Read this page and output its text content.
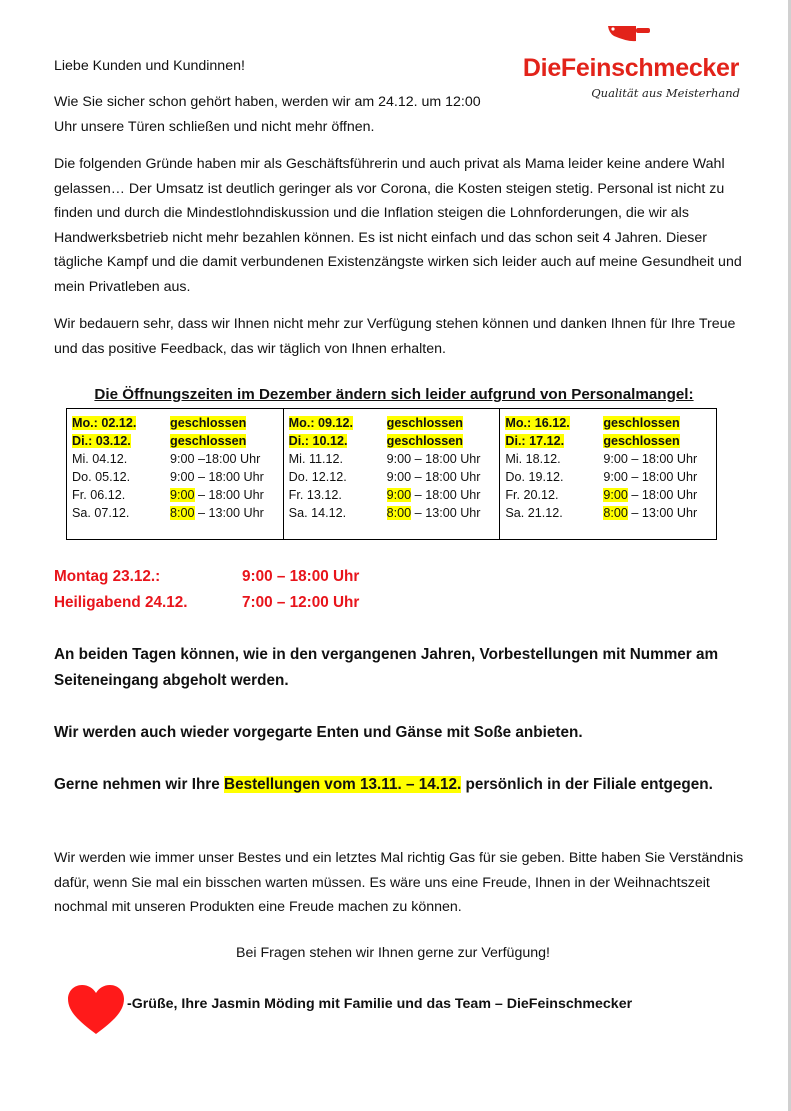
DieFeinschmecker
Qualität aus Meisterhand
Liebe Kunden und Kundinnen!
Wie Sie sicher schon gehört haben, werden wir am 24.12. um 12:00 Uhr unsere Türen schließen und nicht mehr öffnen.
Die folgenden Gründe haben mir als Geschäftsführerin und auch privat als Mama leider keine andere Wahl gelassen… Der Umsatz ist deutlich geringer als vor Corona, die Kosten steigen stetig. Personal ist nicht zu finden und durch die Mindestlohndiskussion und die Inflation steigen die Lohnforderungen, die wir als Handwerksbetrieb nicht mehr bezahlen können. Es ist nicht einfach und das schon seit 4 Jahren. Dieser tägliche Kampf und die damit verbundenen Existenzängste wirken sich leider auch auf meine Gesundheit und mein Privatleben aus.
Wir bedauern sehr, dass wir Ihnen nicht mehr zur Verfügung stehen können und danken Ihnen für Ihre Treue und das positive Feedback, das wir täglich von Ihnen erhalten.
Die Öffnungszeiten im Dezember ändern sich leider aufgrund von Personalmangel:
Mo.: 02.12.	geschlossen
Di.: 03.12.	geschlossen
Mi. 04.12.	9:00 –18:00 Uhr
Do. 05.12.	9:00 – 18:00 Uhr
Fr. 06.12.	9:00 – 18:00 Uhr
Sa. 07.12.	8:00 – 13:00 Uhr
Mo.: 09.12.	geschlossen
Di.: 10.12.	geschlossen
Mi. 11.12.	9:00 – 18:00 Uhr
Do. 12.12.	9:00 – 18:00 Uhr
Fr. 13.12.	9:00 – 18:00 Uhr
Sa. 14.12.	8:00 – 13:00 Uhr
Mo.: 16.12.	geschlossen
Di.: 17.12.	geschlossen
Mi. 18.12.	9:00 – 18:00 Uhr
Do. 19.12.	9:00 – 18:00 Uhr
Fr. 20.12.	9:00 – 18:00 Uhr
Sa. 21.12.	8:00 – 13:00 Uhr
Montag 23.12.:	9:00 – 18:00 Uhr
Heiligabend 24.12.	7:00 – 12:00 Uhr
An beiden Tagen können, wie in den vergangenen Jahren, Vorbestellungen mit Nummer am Seiteneingang abgeholt werden.
Wir werden auch wieder vorgegarte Enten und Gänse mit Soße anbieten.
Gerne nehmen wir Ihre Bestellungen vom 13.11. – 14.12. persönlich in der Filiale entgegen.
Wir werden wie immer unser Bestes und ein letztes Mal richtig Gas für sie geben. Bitte haben Sie Verständnis dafür, wenn Sie mal ein bisschen warten müssen. Es wäre uns eine Freude, Ihnen in der Weihnachtszeit nochmal mit unseren Produkten eine Freude machen zu können.
Bei Fragen stehen wir Ihnen gerne zur Verfügung!
-Grüße, Ihre Jasmin Möding mit Familie und das Team – DieFeinschmecker
